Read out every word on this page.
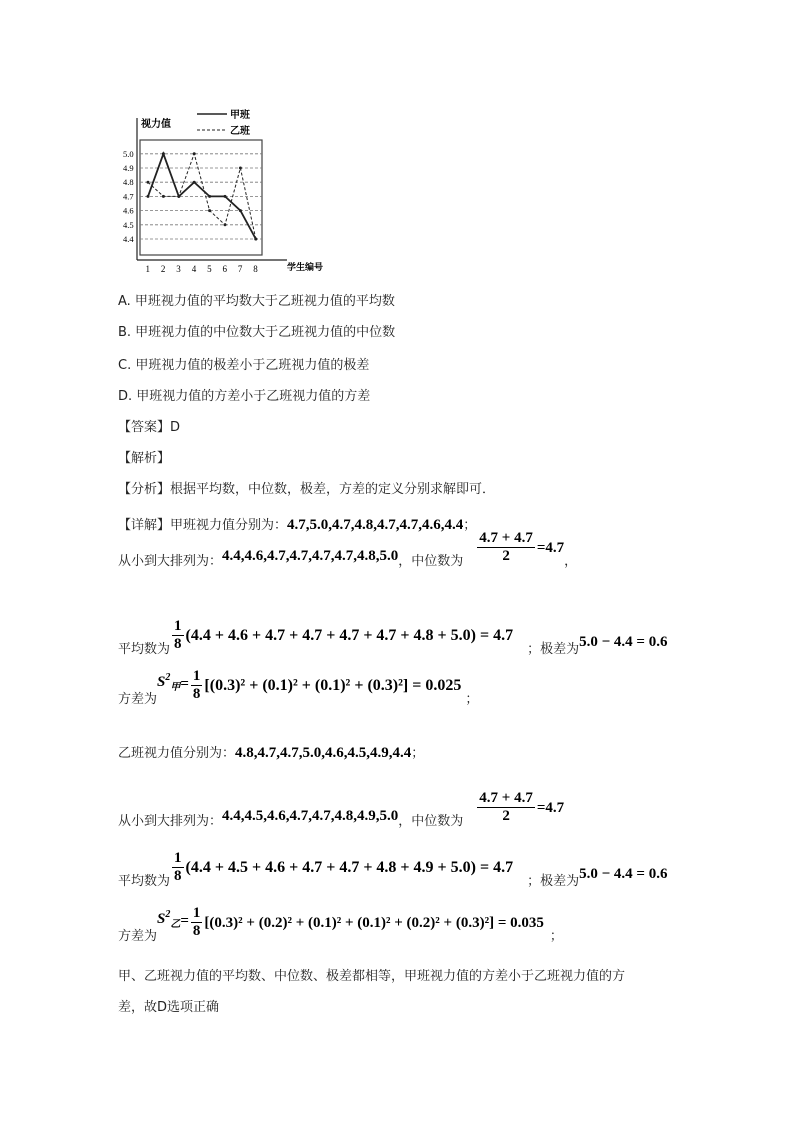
视力值
学生编号
4.4
4.5
4.6
4.7
4.8
4.9
5.0
1 2 3 4 5 6 7 8
甲班
乙班
A. 甲班视力值的平均数大于乙班视力值的平均数
B. 甲班视力值的中位数大于乙班视力值的中位数
C. 甲班视力值的极差小于乙班视力值的极差
D. 甲班视力值的方差小于乙班视力值的方差
【答案】D
【解析】
【分析】根据平均数，中位数，极差，方差的定义分别求解即可．
【详解】甲班视力值分别为：4.7,5.0,4.7,4.8,4.7,4.7,4.6,4.4；
从小到大排列为： 4.4,4.6,4.7,4.7,4.7,4.7,4.8,5.0 ，中位数为 $\frac{4.7 + 4.7}{2} =4.7$
，
平均数为 $\frac{1}{8} (4.4 + 4.6 + 4.7 + 4.7 + 4.7 + 4.7 + 4.8 + 5.0) = 4.7$
；极差为 5.0 − 4.4 = 0.6
方差为
$S^2_甲 = \frac{1}{8} [(0.3)^2 + (0.1)^2 + (0.1)^2 + (0.3)^2] = 0.025$
；
乙班视力值分别为：4.8,4.7,4.7,5.0,4.6,4.5,4.9,4.4；
从小到大排列为： 4.4,4.5,4.6,4.7,4.7,4.8,4.9,5.0 ，中位数为 $\frac{4.7 + 4.7}{2} =4.7$
平均数为 $\frac{1}{8} (4.4 + 4.5 + 4.6 + 4.7 + 4.7 + 4.8 + 4.9 + 5.0) = 4.7$
；极差为 5.0 − 4.4 = 0.6
方差为
$S^2_乙 = \frac{1}{8} [(0.3)^2 + (0.2)^2 + (0.1)^2 + (0.1)^2 + (0.2)^2 + (0.3)^2] = 0.035$
；
甲、乙班视力值的平均数、中位数、极差都相等，甲班视力值的方差小于乙班视力值的方
差，故D选项正确
